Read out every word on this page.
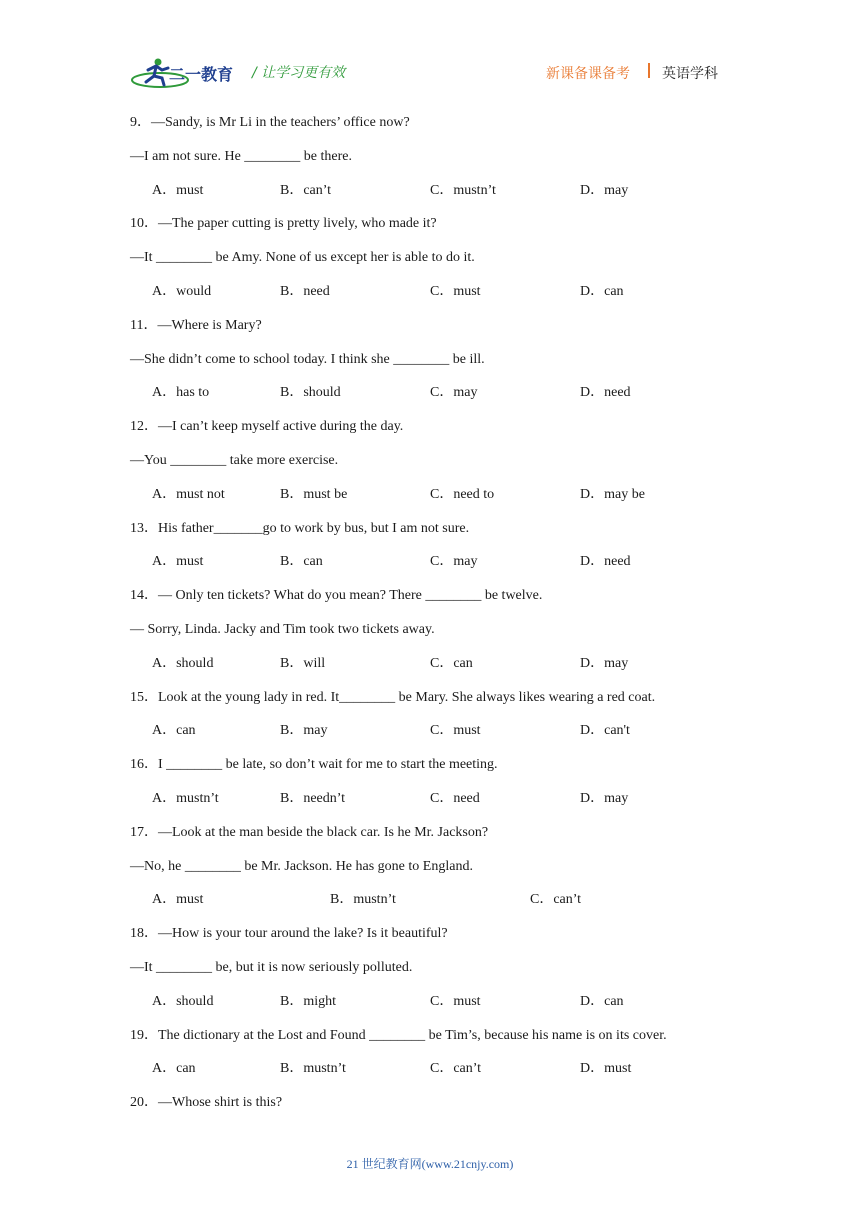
二一教育 / 让学习更有效	新课备课备考 英语学科
9．—Sandy, is Mr Li in the teachers’ office now?
—I am not sure. He ________ be there.
A．must	B．can’t	C．mustn’t	D．may
10．—The paper cutting is pretty lively, who made it?
—It ________ be Amy. None of us except her is able to do it.
A．would	B．need	C．must	D．can
11．—Where is Mary?
—She didn’t come to school today. I think she ________ be ill.
A．has to	B．should	C．may	D．need
12．—I can’t keep myself active during the day.
—You ________ take more exercise.
A．must not	B．must be	C．need to	D．may be
13．His father_______go to work by bus, but I am not sure.
A．must	B．can	C．may	D．need
14．— Only ten tickets? What do you mean? There ________ be twelve.
— Sorry, Linda. Jacky and Tim took two tickets away.
A．should	B．will	C．can	D．may
15．Look at the young lady in red. It________ be Mary. She always likes wearing a red coat.
A．can	B．may	C．must	D．can't
16．I ________ be late, so don’t wait for me to start the meeting.
A．mustn’t	B．needn’t	C．need	D．may
17．—Look at the man beside the black car. Is he Mr. Jackson?
—No, he ________ be Mr. Jackson. He has gone to England.
A．must	B．mustn’t	C．can’t
18．—How is your tour around the lake? Is it beautiful?
—It ________ be, but it is now seriously polluted.
A．should	B．might	C．must	D．can
19．The dictionary at the Lost and Found ________ be Tim’s, because his name is on its cover.
A．can	B．mustn’t	C．can’t	D．must
20．—Whose shirt is this?
21 世纪教育网(www.21cnjy.com)
